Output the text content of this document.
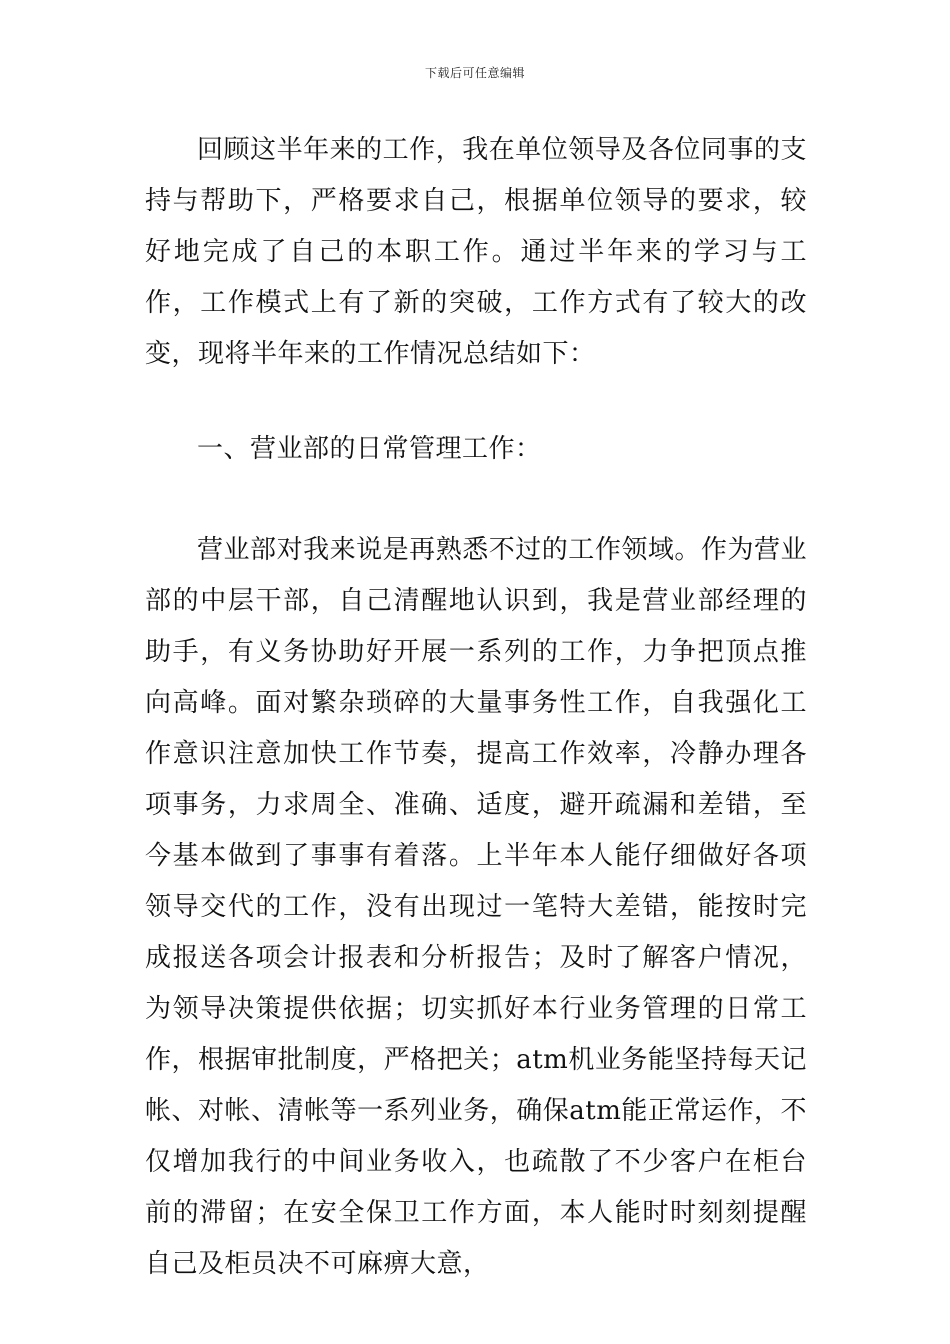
下载后可任意编辑

回顾这半年来的工作，我在单位领导及各位同事的支持与帮助下，严格要求自己，根据单位领导的要求，较好地完成了自己的本职工作。通过半年来的学习与工作，工作模式上有了新的突破，工作方式有了较大的改变，现将半年来的工作情况总结如下：

一、营业部的日常管理工作：

营业部对我来说是再熟悉不过的工作领域。作为营业部的中层干部，自己清醒地认识到，我是营业部经理的助手，有义务协助好开展一系列的工作，力争把顶点推向高峰。面对繁杂琐碎的大量事务性工作，自我强化工作意识注意加快工作节奏，提高工作效率，冷静办理各项事务，力求周全、准确、适度，避开疏漏和差错，至今基本做到了事事有着落。上半年本人能仔细做好各项领导交代的工作，没有出现过一笔特大差错，能按时完成报送各项会计报表和分析报告；及时了解客户情况，为领导决策提供依据；切实抓好本行业务管理的日常工作，根据审批制度，严格把关；atm机业务能坚持每天记帐、对帐、清帐等一系列业务，确保atm能正常运作，不仅增加我行的中间业务收入，也疏散了不少客户在柜台前的滞留；在安全保卫工作方面，本人能时时刻刻提醒自己及柜员决不可麻痹大意，
